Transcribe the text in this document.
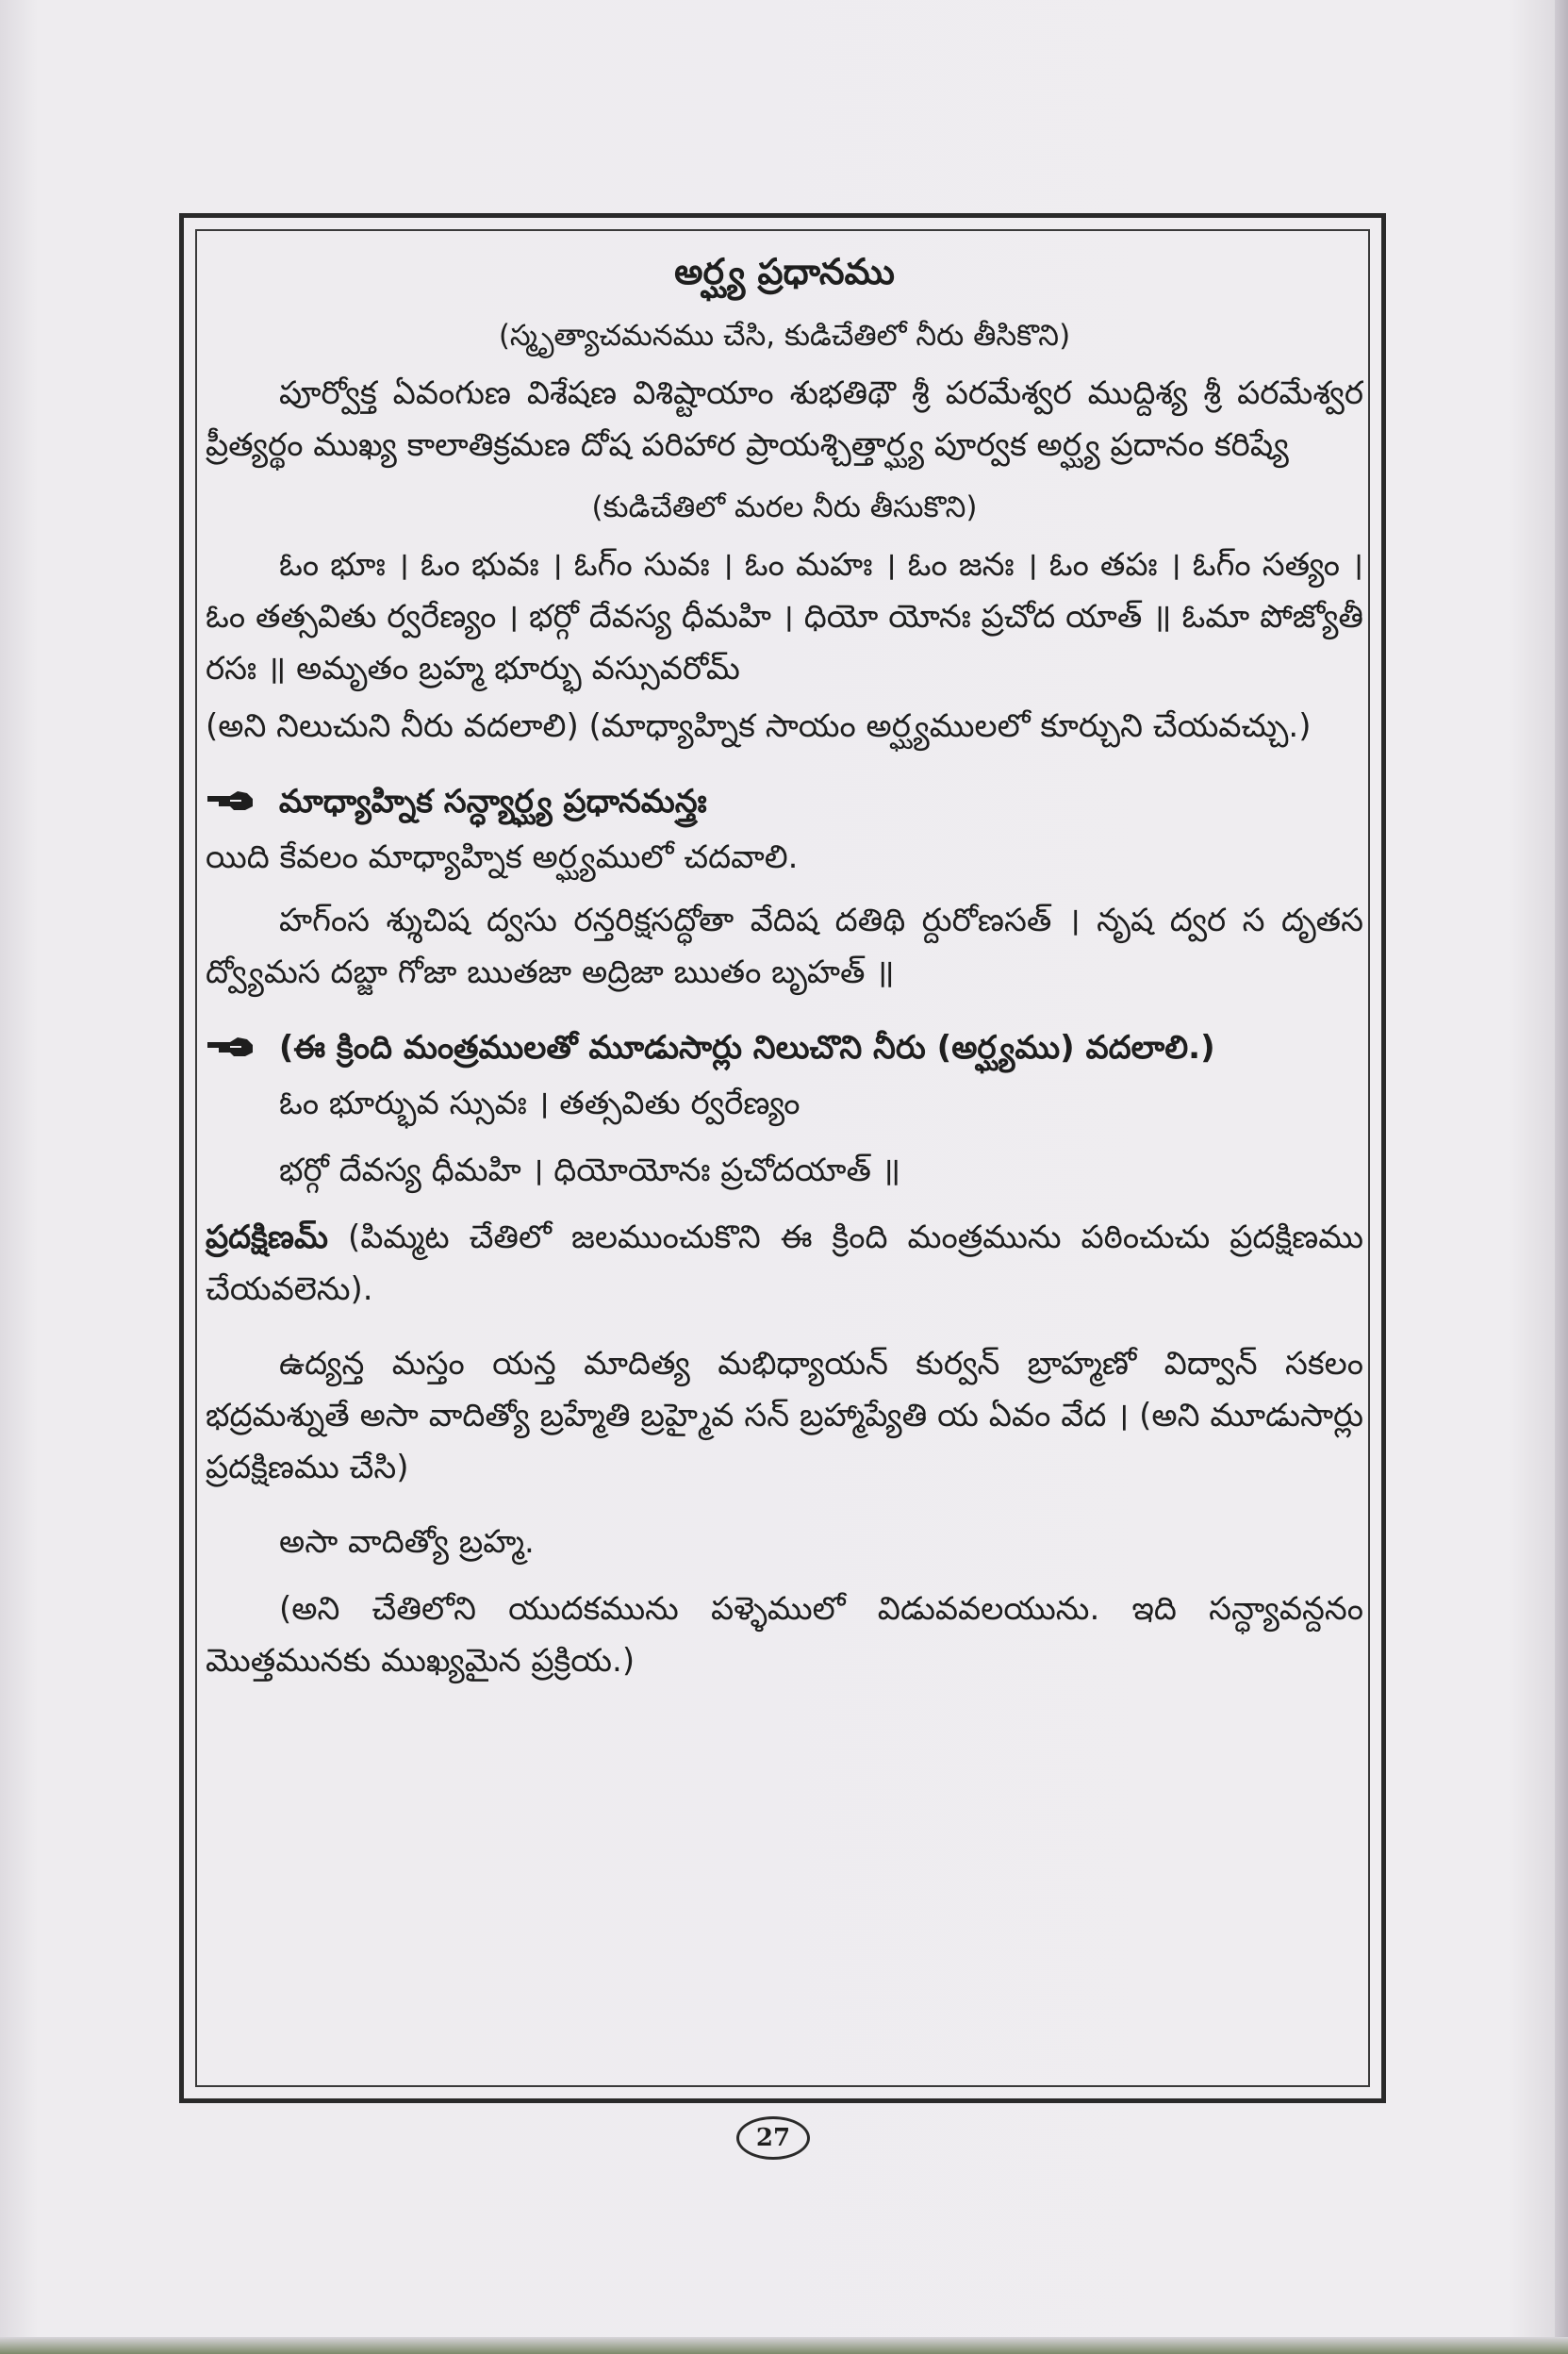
అర్ఘ్య ప్రధానము

(స్మృత్యాచమనము చేసి, కుడిచేతిలో నీరు తీసికొని)

పూర్వోక్త ఏవంగుణ విశేషణ విశిష్టాయాం శుభతిథౌ శ్రీ పరమేశ్వర ముద్దిశ్య శ్రీ పరమేశ్వర ప్రీత్యర్థం ముఖ్య కాలాతిక్రమణ దోష పరిహార ప్రాయశ్చిత్తార్ఘ్య పూర్వక అర్ఘ్య ప్రదానం కరిష్యే

(కుడిచేతిలో మరల నీరు తీసుకొని)

ఓం భూః । ఓం భువః । ఓగ్ం సువః । ఓం మహః । ఓం జనః । ఓం తపః । ఓగ్ం సత్యం । ఓం తత్సవితు ర్వరేణ్యం । భర్గో దేవస్య ధీమహి । ధియో యోనః ప్రచోద యాత్ ॥ ఓమా పోజ్యోతీ రసః ॥ అమృతం బ్రహ్మ భూర్భు వస్సువరోమ్

(అని నిలుచుని నీరు వదలాలి) (మాధ్యాహ్నిక సాయం అర్ఘ్యములలో కూర్చుని చేయవచ్చు.)

మాధ్యాహ్నిక సన్ధ్యార్ఘ్య ప్రధానమన్త్రః

యిది కేవలం మాధ్యాహ్నిక అర్ఘ్యములో చదవాలి.

హగ్ంస శ్శుచిష ద్వసు రన్తరిక్షసద్ధోతా వేదిష దతిథి ర్దురోణసత్ । నృష ద్వర స దృతస ద్వ్యోమస దబ్జా గోజా ఋతజా అద్రిజా ఋతం బృహత్ ॥

(ఈ క్రింది మంత్రములతో మూడుసార్లు నిలుచొని నీరు (అర్ఘ్యము) వదలాలి.)

ఓం భూర్భువ స్సువః । తత్సవితు ర్వరేణ్యం

భర్గో దేవస్య ధీమహి । ధియోయోనః ప్రచోదయాత్ ॥

ప్రదక్షిణమ్ (పిమ్మట చేతిలో జలముంచుకొని ఈ క్రింది మంత్రమును పఠించుచు ప్రదక్షిణము చేయవలెను).

ఉద్యన్త మస్తం యన్త మాదిత్య మభిధ్యాయన్ కుర్వన్ బ్రాహ్మణో విద్వాన్ సకలం భద్రమశ్నుతే అసా వాదిత్యో బ్రహ్మేతి బ్రహ్మైవ సన్ బ్రహ్మాప్యేతి య ఏవం వేద । (అని మూడుసార్లు ప్రదక్షిణము చేసి)

అసా వాదిత్యో బ్రహ్మ.

(అని చేతిలోని యుదకమును పళ్ళెములో విడువవలయును. ఇది సన్ధ్యావన్దనం మొత్తమునకు ముఖ్యమైన ప్రక్రియ.)

27
